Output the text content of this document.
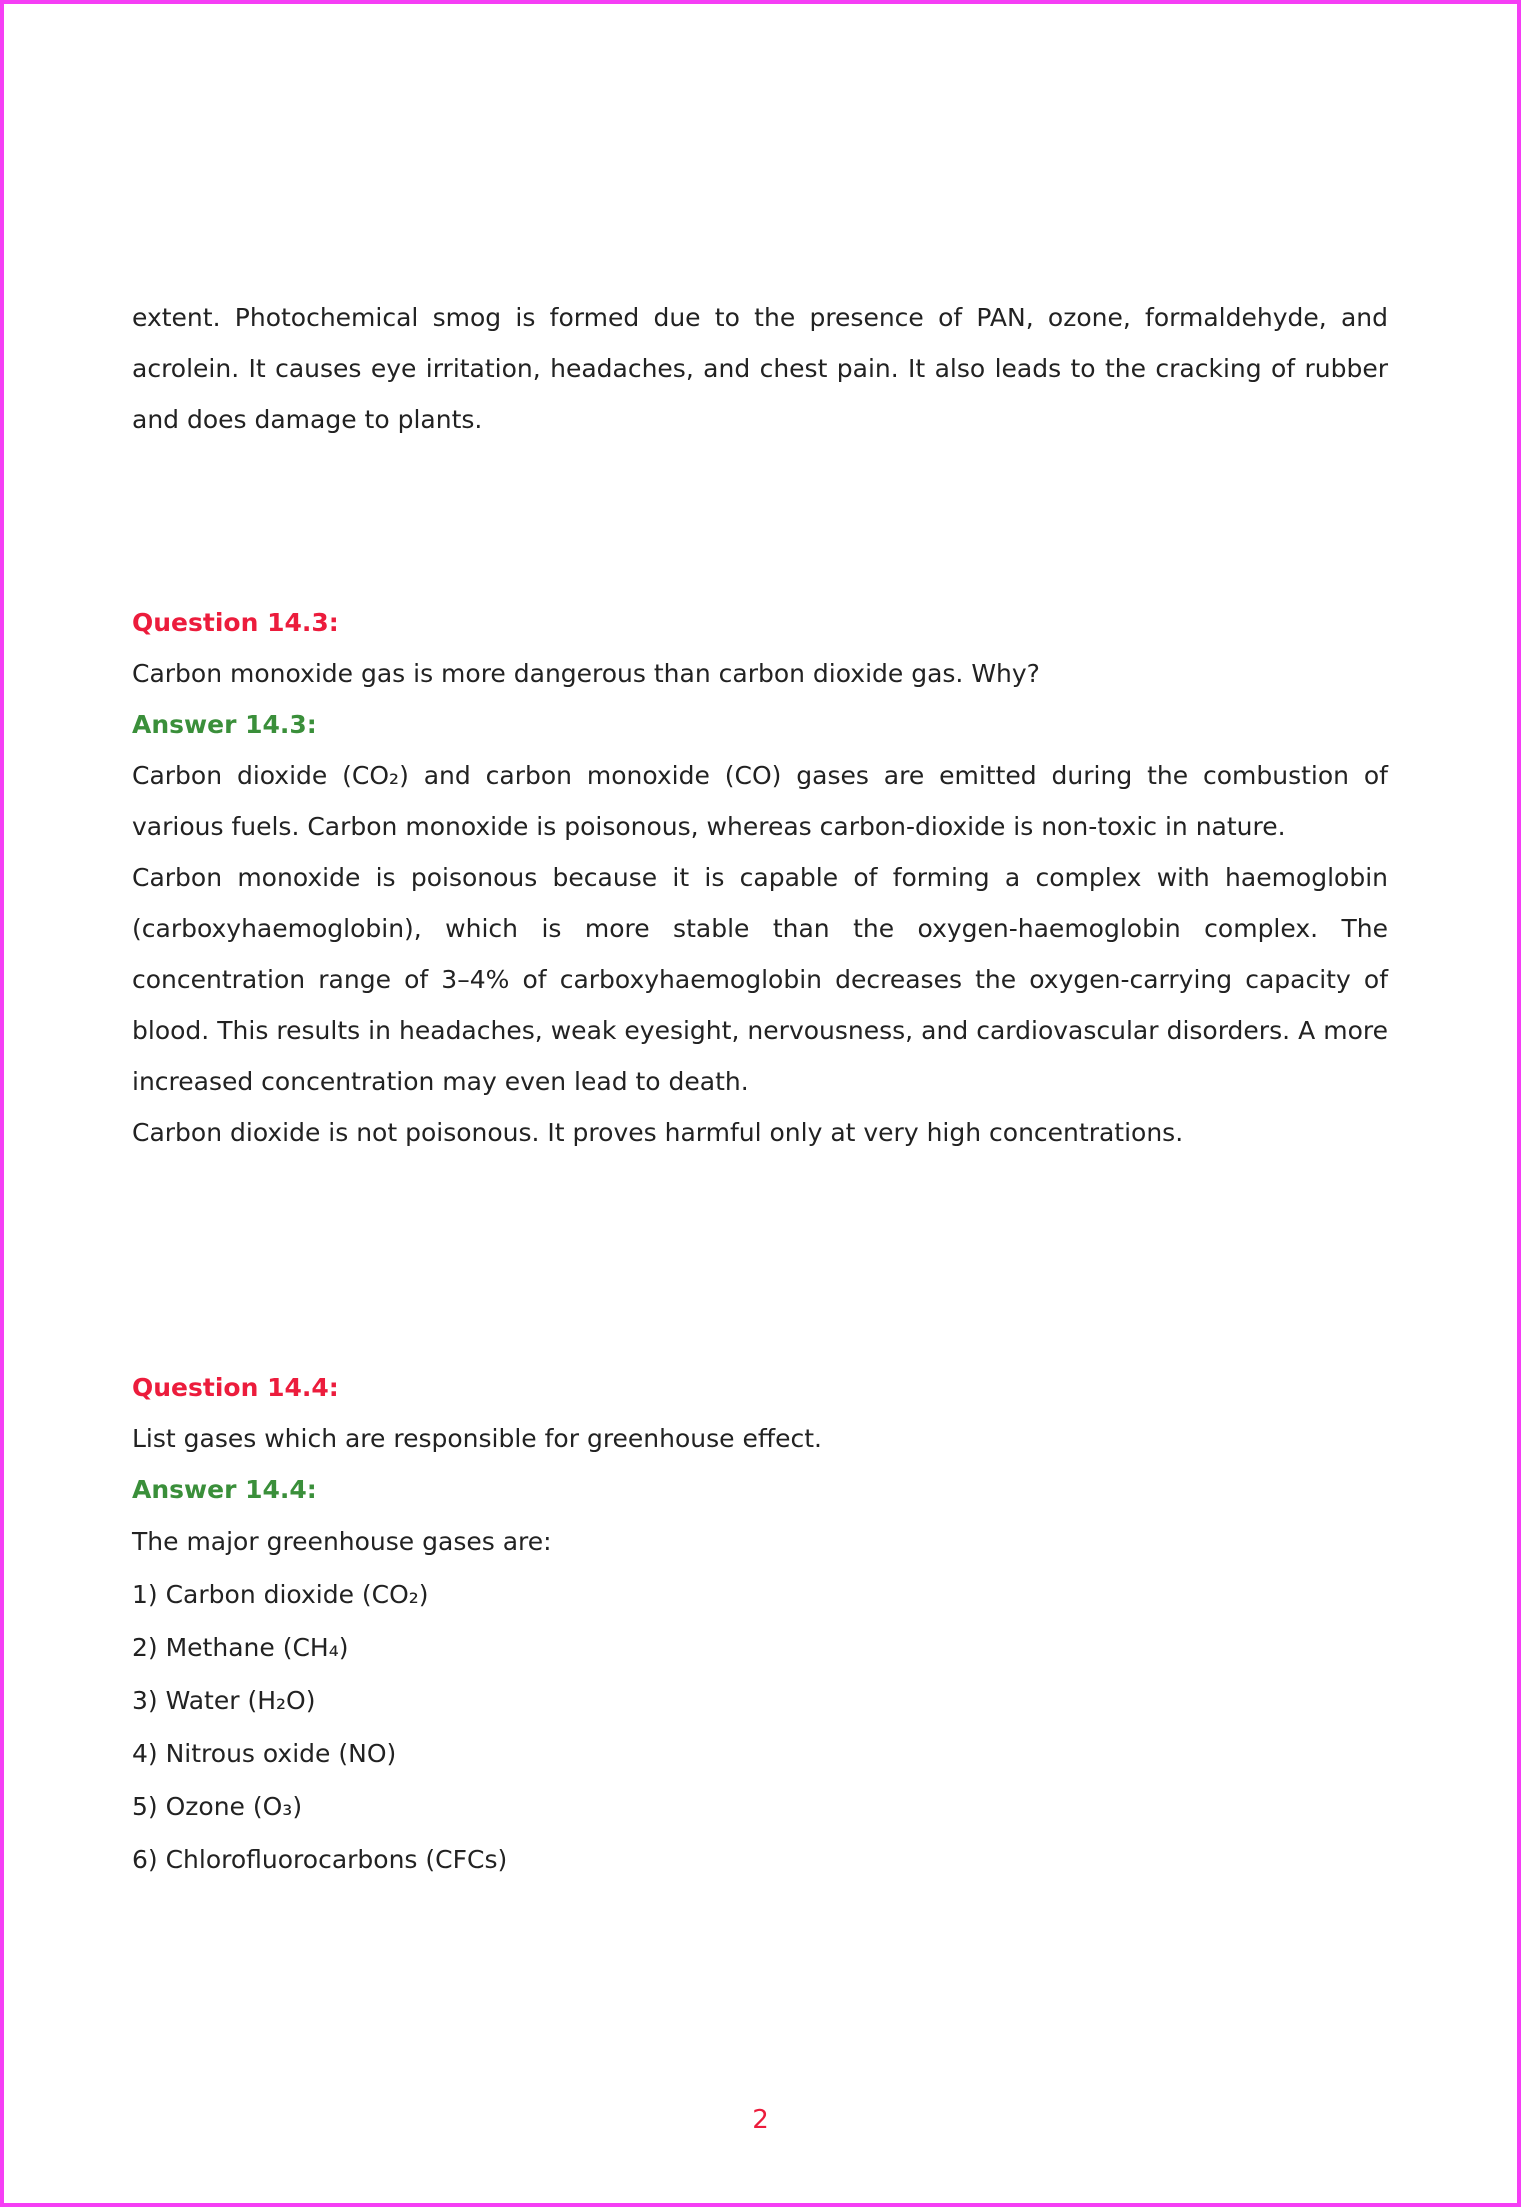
extent. Photochemical smog is formed due to the presence of PAN, ozone, formaldehyde, and acrolein. It causes eye irritation, headaches, and chest pain. It also leads to the cracking of rubber and does damage to plants.

Question 14.3:

Carbon monoxide gas is more dangerous than carbon dioxide gas. Why?

Answer 14.3:

Carbon dioxide (CO₂) and carbon monoxide (CO) gases are emitted during the combustion of various fuels. Carbon monoxide is poisonous, whereas carbon-dioxide is non-toxic in nature.

Carbon monoxide is poisonous because it is capable of forming a complex with haemoglobin (carboxyhaemoglobin), which is more stable than the oxygen-haemoglobin complex. The concentration range of 3–4% of carboxyhaemoglobin decreases the oxygen-carrying capacity of blood. This results in headaches, weak eyesight, nervousness, and cardiovascular disorders. A more increased concentration may even lead to death.

Carbon dioxide is not poisonous. It proves harmful only at very high concentrations.

Question 14.4:

List gases which are responsible for greenhouse effect.

Answer 14.4:

The major greenhouse gases are:

1) Carbon dioxide (CO₂)

2) Methane (CH₄)

3) Water (H₂O)

4) Nitrous oxide (NO)

5) Ozone (O₃)

6) Chlorofluorocarbons (CFCs)

2
